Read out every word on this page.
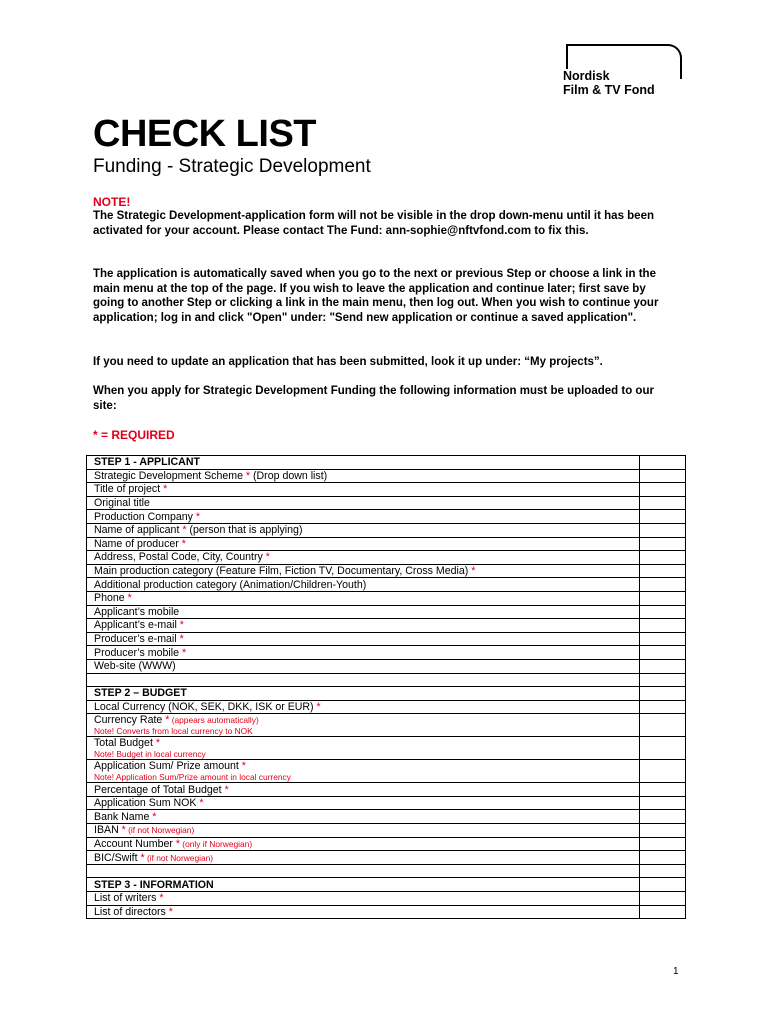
Nordisk
Film & TV Fond
CHECK LIST
Funding - Strategic Development

NOTE!

The Strategic Development-application form will not be visible in the drop down-menu until it has been activated for your account. Please contact The Fund: ann-sophie@nftvfond.com to fix this.

The application is automatically saved when you go to the next or previous Step or choose a link in the main menu at the top of the page. If you wish to leave the application and continue later; first save by going to another Step or clicking a link in the main menu, then log out. When you wish to continue your application; log in and click "Open" under: "Send new application or continue a saved application".

If you need to update an application that has been submitted, look it up under: “My projects”.

When you apply for Strategic Development Funding the following information must be uploaded to our site:

* = REQUIRED

STEP 1 - APPLICANT	
Strategic Development Scheme * (Drop down list)	
Title of project *	
Original title	
Production Company *	
Name of applicant * (person that is applying)	
Name of producer *	
Address, Postal Code, City, Country *	
Main production category (Feature Film, Fiction TV, Documentary, Cross Media) *	
Additional production category (Animation/Children-Youth)	
Phone *	
Applicant’s mobile	
Applicant’s e-mail *	
Producer’s e-mail *	
Producer’s mobile *	
Web-site (WWW)	

STEP 2 – BUDGET	
Local Currency (NOK, SEK, DKK, ISK or EUR) *	
Currency Rate * (appears automatically)
Note! Converts from local currency to NOK	

Total Budget *
Note! Budget in local currency	

Application Sum/ Prize amount *
Note! Application Sum/Prize amount in local currency	

Percentage of Total Budget *	
Application Sum NOK *	
Bank Name *	
IBAN * (if not Norwegian)	
Account Number * (only if Norwegian)	
BIC/Swift * (if not Norwegian)	

STEP 3 - INFORMATION	
List of writers *	
List of directors *	
1
